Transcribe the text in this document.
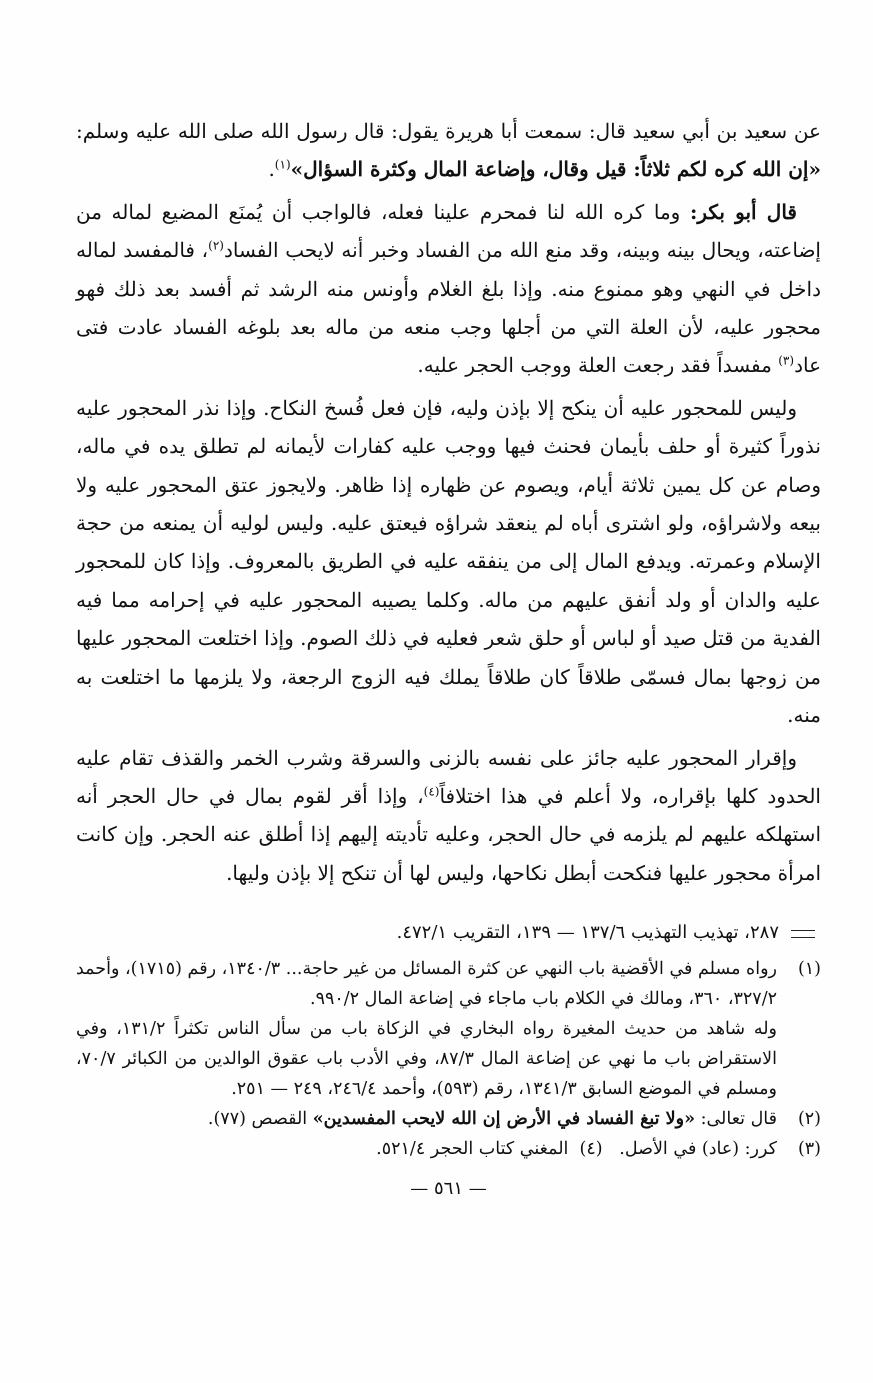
عن سعيد بن أبي سعيد قال: سمعت أبا هريرة يقول: قال رسول الله صلى الله عليه وسلم: «إن الله كره لكم ثلاثاً: قيل وقال، وإضاعة المال وكثرة السؤال»$^{(١)}$.

قال أبو بكر: وما كره الله لنا فمحرم علينا فعله، فالواجب أن يُمنَع المضيع لماله من إضاعته، ويحال بينه وبينه، وقد منع الله من الفساد وخبر أنه لايحب الفساد$^{(٢)}$، فالمفسد لماله داخل في النهي وهو ممنوع منه. وإذا بلغ الغلام وأونس منه الرشد ثم أفسد بعد ذلك فهو محجور عليه، لأن العلة التي من أجلها وجب منعه من ماله بعد بلوغه الفساد عادت فتى عاد$^{(٣)}$ مفسداً فقد رجعت العلة ووجب الحجر عليه.

وليس للمحجور عليه أن ينكح إلا بإذن وليه، فإن فعل فُسخ النكاح. وإذا نذر المحجور عليه نذوراً كثيرة أو حلف بأيمان فحنث فيها ووجب عليه كفارات لأيمانه لم تطلق يده في ماله، وصام عن كل يمين ثلاثة أيام، ويصوم عن ظهاره إذا ظاهر. ولايجوز عتق المحجور عليه ولا بيعه ولاشراؤه، ولو اشترى أباه لم ينعقد شراؤه فيعتق عليه. وليس لوليه أن يمنعه من حجة الإسلام وعمرته. ويدفع المال إلى من ينفقه عليه في الطريق بالمعروف. وإذا كان للمحجور عليه والدان أو ولد أنفق عليهم من ماله. وكلما يصيبه المحجور عليه في إحرامه مما فيه الفدية من قتل صيد أو لباس أو حلق شعر فعليه في ذلك الصوم. وإذا اختلعت المحجور عليها من زوجها بمال فسمّى طلاقاً كان طلاقاً يملك فيه الزوج الرجعة، ولا يلزمها ما اختلعت به منه.

وإقرار المحجور عليه جائز على نفسه بالزنى والسرقة وشرب الخمر والقذف تقام عليه الحدود كلها بإقراره، ولا أعلم في هذا اختلافاً$^{(٤)}$، وإذا أقر لقوم بمال في حال الحجر أنه استهلكه عليهم لم يلزمه في حال الحجر، وعليه تأديته إليهم إذا أطلق عنه الحجر. وإن كانت امرأة محجور عليها فنكحت أبطل نكاحها، وليس لها أن تنكح إلا بإذن وليها.

٢٨٧، تهذيب التهذيب ١٣٧/٦ — ١٣٩، التقريب ٤٧٢/١.
(١)
رواه مسلم في الأقضية باب النهي عن كثرة المسائل من غير حاجة... ١٣٤٠/٣، رقم (١٧١٥)، وأحمد ٣٢٧/٢، ٣٦٠، ومالك في الكلام باب ماجاء في إضاعة المال ٩٩٠/٢.
وله شاهد من حديث المغيرة رواه البخاري في الزكاة باب من سأل الناس تكثراً ١٣١/٢، وفي الاستقراض باب ما نهي عن إضاعة المال ٨٧/٣، وفي الأدب باب عقوق الوالدين من الكبائر ٧٠/٧، ومسلم في الموضع السابق ١٣٤١/٣، رقم (٥٩٣)، وأحمد ٢٤٦/٤، ٢٤٩ — ٢٥١.
(٢)
قال تعالى: «ولا تبغ الفساد في الأرض إن الله لايحب المفسدين» القصص (٧٧).
(٣)
كرر: (عاد) في الأصل.   (٤)  المغني كتاب الحجر ٥٢١/٤.
— ٥٦١ —
